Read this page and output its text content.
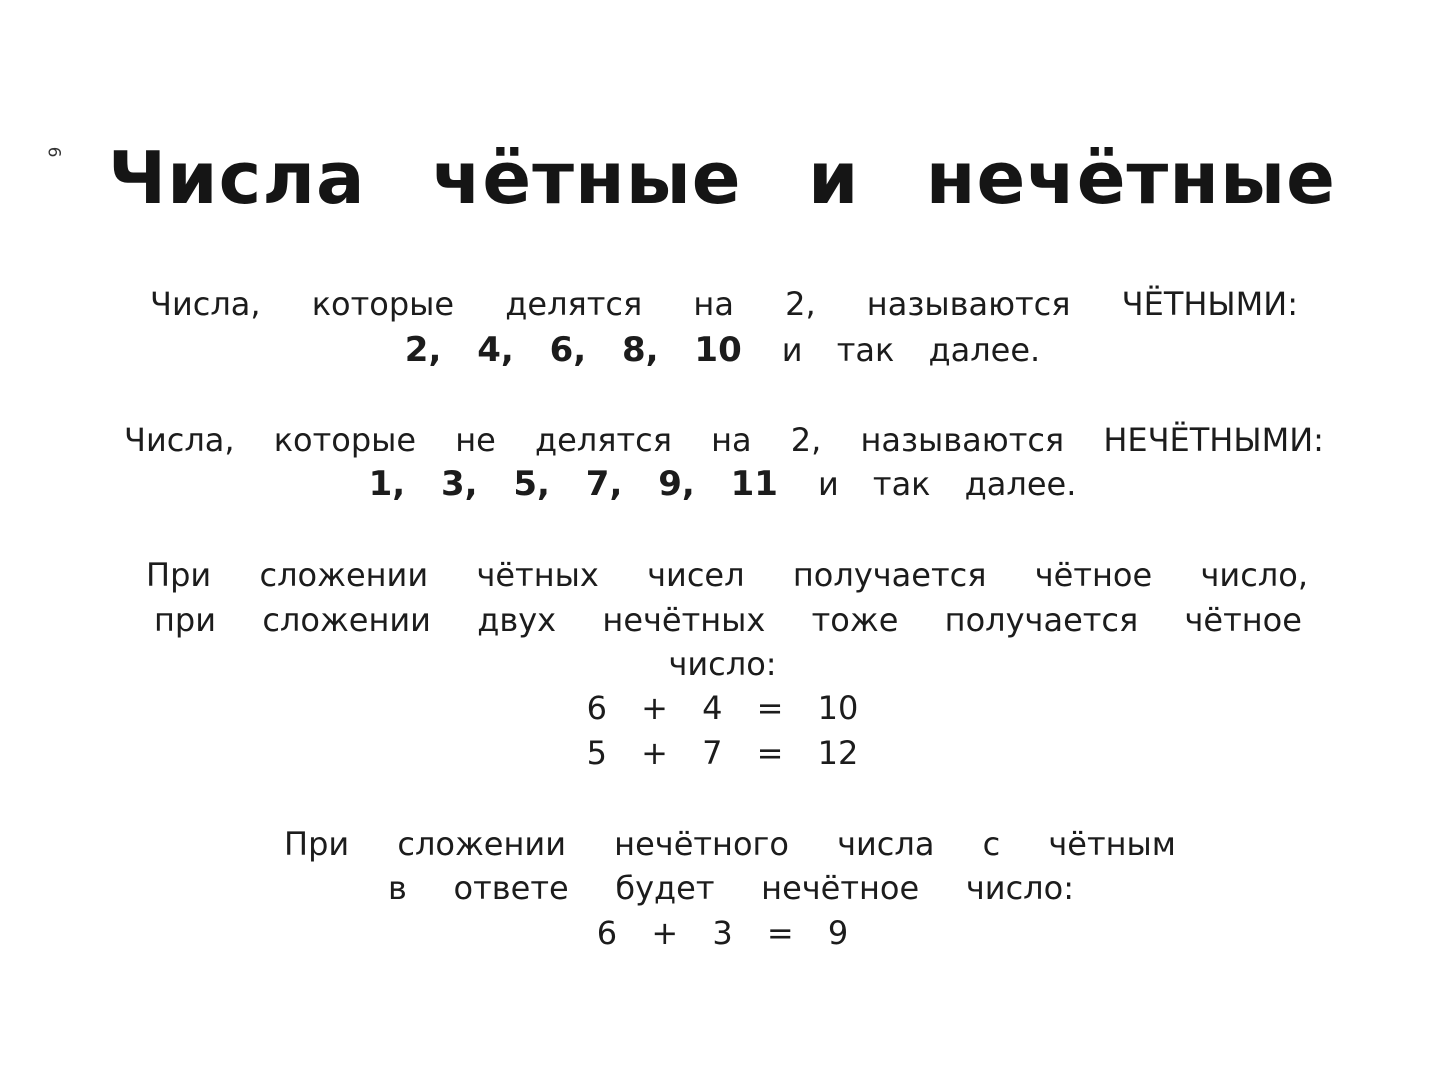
6 Числа чётные и нечётные
Числа, которые делятся на 2, называются ЧЁТНЫМИ:
2, 4, 6, 8, 10 и так далее.
Числа, которые не делятся на 2, называются НЕЧЁТНЫМИ:
1, 3, 5, 7, 9, 11 и так далее.
При сложении чётных чисел получается чётное число,
при сложении двух нечётных тоже получается чётное
число:
6 + 4 = 10
5 + 7 = 12
При сложении нечётного числа с чётным
в ответе будет нечётное число:
6 + 3 = 9
